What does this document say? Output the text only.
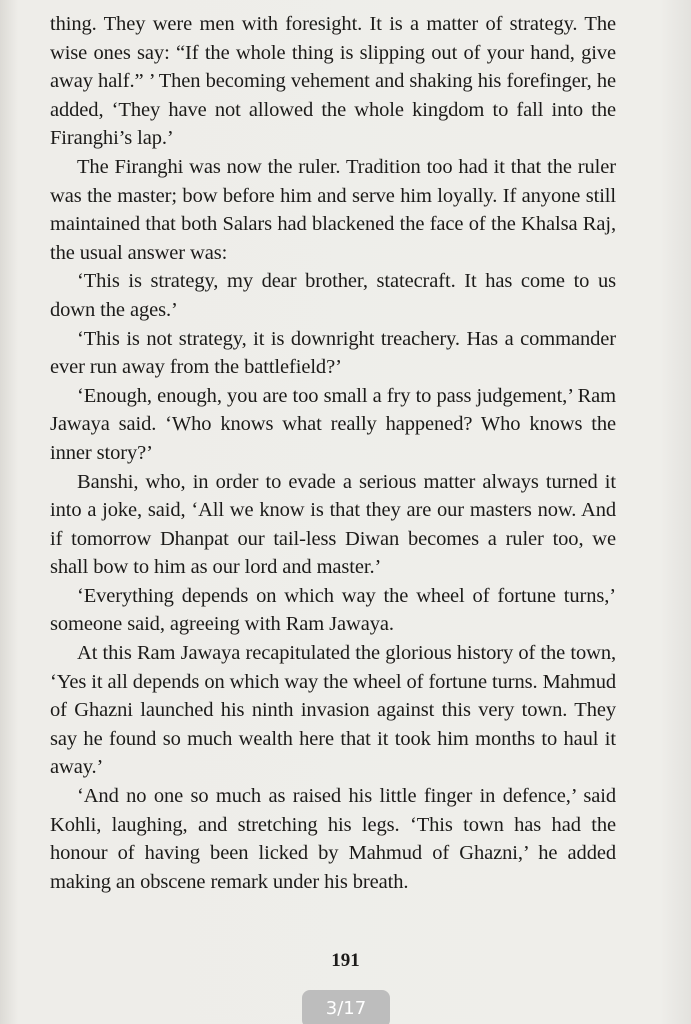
thing. They were men with foresight. It is a matter of strategy. The wise ones say: “If the whole thing is slipping out of your hand, give away half.” ’ Then becoming vehement and shaking his forefinger, he added, ‘They have not allowed the whole kingdom to fall into the Firanghi’s lap.’

The Firanghi was now the ruler. Tradition too had it that the ruler was the master; bow before him and serve him loyally. If anyone still maintained that both Salars had blackened the face of the Khalsa Raj, the usual answer was:

‘This is strategy, my dear brother, statecraft. It has come to us down the ages.’

‘This is not strategy, it is downright treachery. Has a commander ever run away from the battlefield?’

‘Enough, enough, you are too small a fry to pass judgement,’ Ram Jawaya said. ‘Who knows what really happened? Who knows the inner story?’

Banshi, who, in order to evade a serious matter always turned it into a joke, said, ‘All we know is that they are our masters now. And if tomorrow Dhanpat our tail-less Diwan becomes a ruler too, we shall bow to him as our lord and master.’

‘Everything depends on which way the wheel of fortune turns,’ someone said, agreeing with Ram Jawaya.

At this Ram Jawaya recapitulated the glorious history of the town, ‘Yes it all depends on which way the wheel of fortune turns. Mahmud of Ghazni launched his ninth invasion against this very town. They say he found so much wealth here that it took him months to haul it away.’

‘And no one so much as raised his little finger in defence,’ said Kohli, laughing, and stretching his legs. ‘This town has had the honour of having been licked by Mahmud of Ghazni,’ he added making an obscene remark under his breath.

191
3/17
